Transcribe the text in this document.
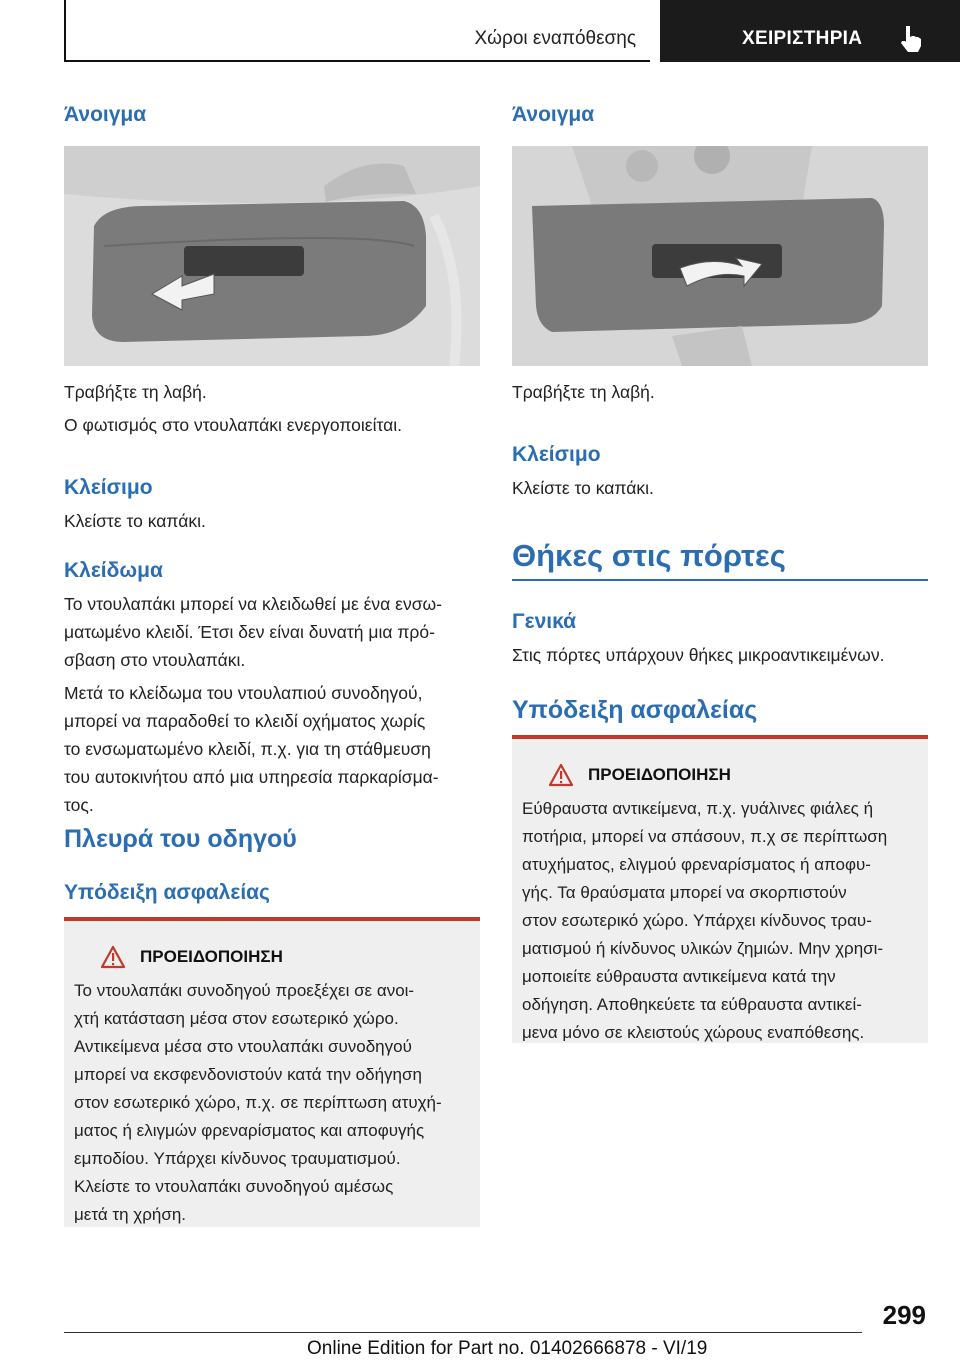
Χώροι εναπόθεσης	ΧΕΙΡΙΣΤΗΡΙΑ
Άνοιγμα
Τραβήξτε τη λαβή.
Ο φωτισμός στο ντουλαπάκι ενεργοποιείται.
Κλείσιμο
Κλείστε το καπάκι.
Κλείδωμα
Το ντουλαπάκι μπορεί να κλειδωθεί με ένα ενσω‐
ματωμένο κλειδί. Έτσι δεν είναι δυνατή μια πρό‐
σβαση στο ντουλαπάκι.
Μετά το κλείδωμα του ντουλαπιού συνοδηγού,
μπορεί να παραδοθεί το κλειδί οχήματος χωρίς
το ενσωματωμένο κλειδί, π.χ. για τη στάθμευση
του αυτοκινήτου από μια υπηρεσία παρκαρίσμα‐
τος.
Πλευρά του οδηγού
Υπόδειξη ασφαλείας
ΠΡΟΕΙΔΟΠΟΙΗΣΗ
Το ντουλαπάκι συνοδηγού προεξέχει σε ανοι‐
χτή κατάσταση μέσα στον εσωτερικό χώρο.
Αντικείμενα μέσα στο ντουλαπάκι συνοδηγού
μπορεί να εκσφενδονιστούν κατά την οδήγηση
στον εσωτερικό χώρο, π.χ. σε περίπτωση ατυχή‐
ματος ή ελιγμών φρεναρίσματος και αποφυγής
εμποδίου. Υπάρχει κίνδυνος τραυματισμού.
Κλείστε το ντουλαπάκι συνοδηγού αμέσως
μετά τη χρήση.
Άνοιγμα
Τραβήξτε τη λαβή.
Κλείσιμο
Κλείστε το καπάκι.
Θήκες στις πόρτες
Γενικά
Στις πόρτες υπάρχουν θήκες μικροαντικειμένων.
Υπόδειξη ασφαλείας
ΠΡΟΕΙΔΟΠΟΙΗΣΗ
Εύθραυστα αντικείμενα, π.χ. γυάλινες φιάλες ή
ποτήρια, μπορεί να σπάσουν, π.χ σε περίπτωση
ατυχήματος, ελιγμού φρεναρίσματος ή αποφυ‐
γής. Τα θραύσματα μπορεί να σκορπιστούν
στον εσωτερικό χώρο. Υπάρχει κίνδυνος τραυ‐
ματισμού ή κίνδυνος υλικών ζημιών. Μην χρησι‐
μοποιείτε εύθραυστα αντικείμενα κατά την
οδήγηση. Αποθηκεύετε τα εύθραυστα αντικεί‐
μενα μόνο σε κλειστούς χώρους εναπόθεσης.
299
Online Edition for Part no. 01402666878 - VI/19
